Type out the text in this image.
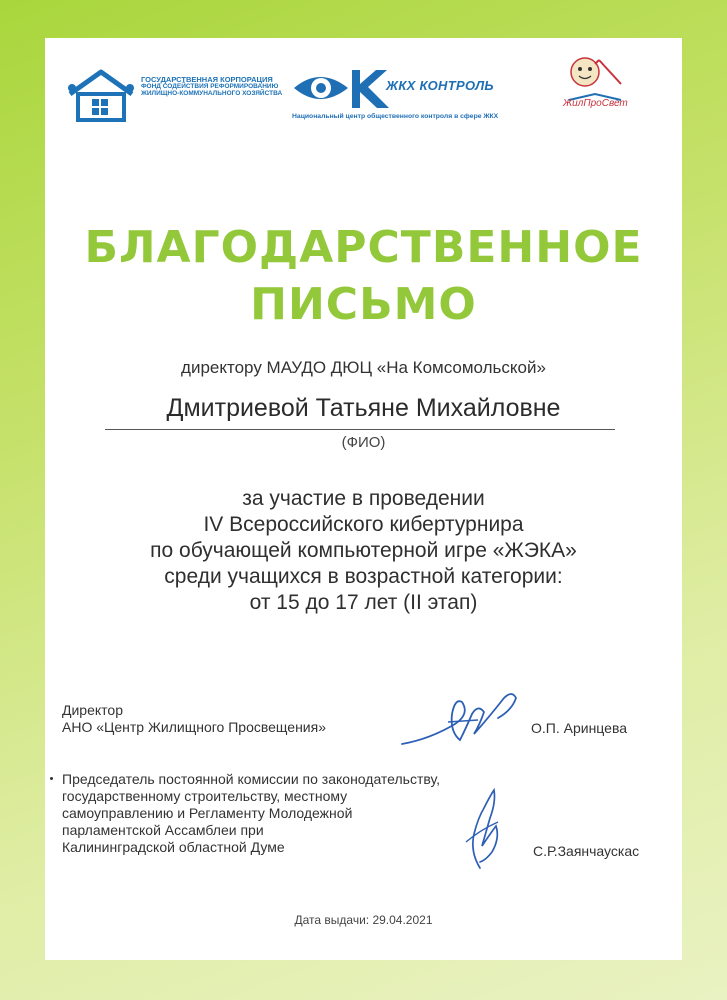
ГОСУДАРСТВЕННАЯ КОРПОРАЦИЯ
ФОНД СОДЕЙСТВИЯ РЕФОРМИРОВАНИЮ
ЖИЛИЩНО-КОММУНАЛЬНОГО ХОЗЯЙСТВА
ЖКХ КОНТРОЛЬ
Национальный центр общественного контроля в сфере ЖКХ
ЖилПроСвет
БЛАГОДАРСТВЕННОЕ
ПИСЬМО
директору МАУДО ДЮЦ «На Комсомольской»
Дмитриевой Татьяне Михайловне
(ФИО)
за участие в проведении
IV Всероссийского кибертурнира
по обучающей компьютерной игре «ЖЭКА»
среди учащихся в возрастной категории:
от 15 до 17 лет (II этап)
Директор
АНО «Центр Жилищного Просвещения»	О.П. Аринцева
Председатель постоянной комиссии по законодательству,
государственному строительству, местному
самоуправлению и Регламенту Молодежной
парламентской Ассамблеи при
Калининградской областной Думе	С.Р.Заянчаускас
Дата выдачи: 29.04.2021
